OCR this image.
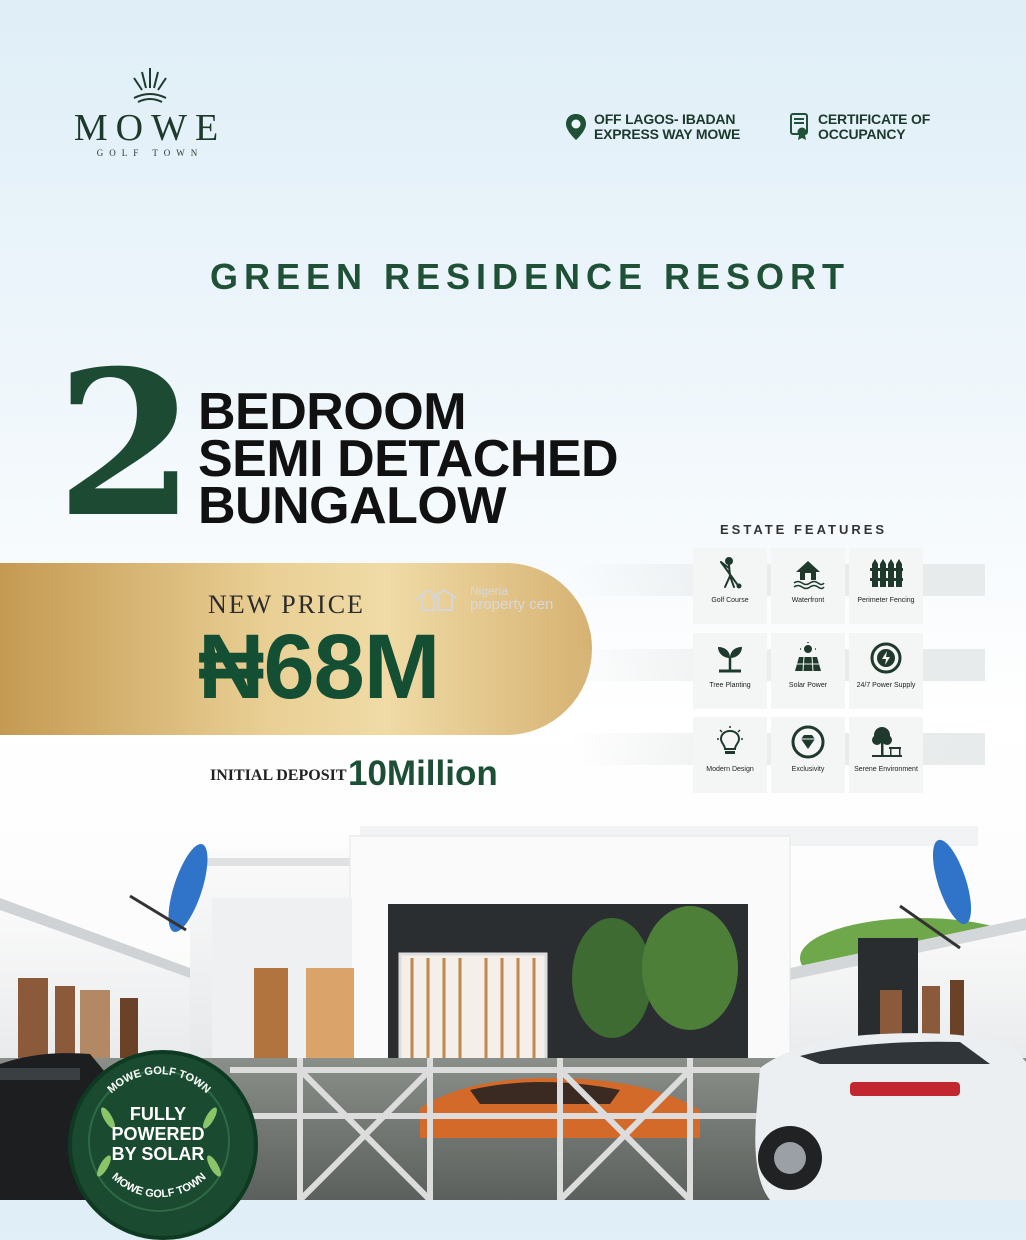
MOWE
GOLF TOWN
OFF LAGOS- IBADAN
EXPRESS WAY MOWE
CERTIFICATE OF
OCCUPANCY
GREEN RESIDENCE RESORT
2 BEDROOM
SEMI DETACHED
BUNGALOW
NEW PRICE
₦68M
Nigeria
property cen
INITIAL DEPOSIT 10Million
ESTATE FEATURES
Golf Course	Waterfront	Perimeter Fencing
Tree Planting	Solar Power	24/7 Power Supply
Modern Design	Exclusivity	Serene Environment
MOWE GOLF TOWN
MOWE GOLF TOWN
FULLY
POWERED
BY SOLAR
